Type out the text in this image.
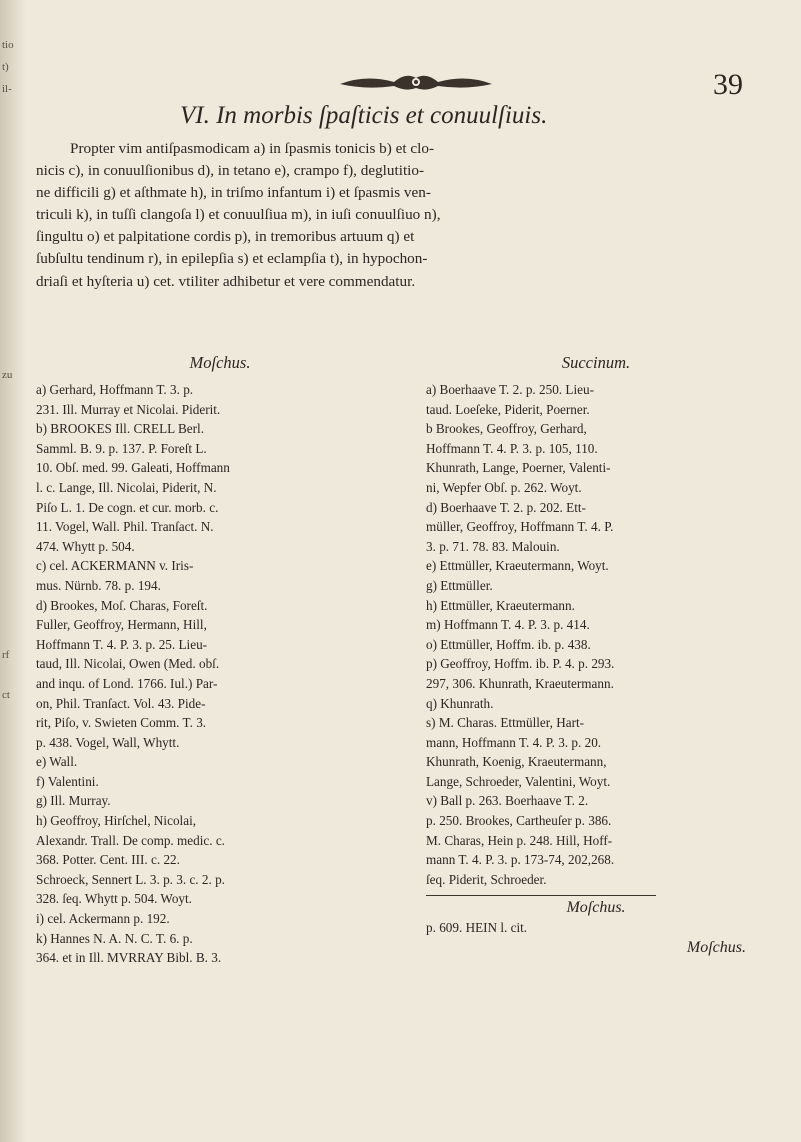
tio
t)
il-
zu
rf
ct
39
VI. In morbis ſpaſticis et conuulſiuis.
Propter vim antiſpasmodicam a) in ſpasmis tonicis b) et clo-
nicis c), in conuulſionibus d), in tetano e), crampo f), deglutitio-
ne difficili g) et aſthmate h), in triſmo infantum i) et ſpasmis ven-
triculi k), in tuſſi clangoſa l) et conuulſiua m), in iuſi conuulſiuo n),
ſingultu o) et palpitatione cordis p), in tremoribus artuum q) et
ſubſultu tendinum r), in epilepſia s) et eclampſia t), in hypochon-
driaſi et hyſteria u) cet. vtiliter adhibetur et vere commendatur.
Moſchus.
a) Gerhard, Hoffmann T. 3. p.
231. Ill. Murray et Nicolai. Piderit.
b) BROOKES Ill. CRELL Berl.
Samml. B. 9. p. 137. P. Foreſt L.
10. Obſ. med. 99. Galeati, Hoffmann
l. c. Lange, Ill. Nicolai, Piderit, N.
Piſo L. 1. De cogn. et cur. morb. c.
11. Vogel, Wall. Phil. Tranſact. N.
474. Whytt p. 504.
c) cel. ACKERMANN v. Iris-
mus. Nürnb. 78. p. 194.
d) Brookes, Moſ. Charas, Foreſt.
Fuller, Geoffroy, Hermann, Hill,
Hoffmann T. 4. P. 3. p. 25. Lieu-
taud, Ill. Nicolai, Owen (Med. obſ.
and inqu. of Lond. 1766. Iul.) Par-
on, Phil. Tranſact. Vol. 43. Pide-
rit, Piſo, v. Swieten Comm. T. 3.
p. 438. Vogel, Wall, Whytt.
e) Wall.
f) Valentini.
g) Ill. Murray.
h) Geoffroy, Hirſchel, Nicolai,
Alexandr. Trall. De comp. medic. c.
368. Potter. Cent. III. c. 22.
Schroeck, Sennert L. 3. p. 3. c. 2. p.
328. ſeq. Whytt p. 504. Woyt.
i) cel. Ackermann p. 192.
k) Hannes N. A. N. C. T. 6. p.
364. et in Ill. MVRRAY Bibl. B. 3.
Succinum.
a) Boerhaave T. 2. p. 250. Lieu-
taud. Loeſeke, Piderit, Poerner.
b Brookes, Geoffroy, Gerhard,
Hoffmann T. 4. P. 3. p. 105, 110.
Khunrath, Lange, Poerner, Valenti-
ni, Wepfer Obſ. p. 262. Woyt.
d) Boerhaave T. 2. p. 202. Ett-
müller, Geoffroy, Hoffmann T. 4. P.
3. p. 71. 78. 83. Malouin.
e) Ettmüller, Kraeutermann, Woyt.
g) Ettmüller.
h) Ettmüller, Kraeutermann.
m) Hoffmann T. 4. P. 3. p. 414.
o) Ettmüller, Hoffm. ib. p. 438.
p) Geoffroy, Hoffm. ib. P. 4. p. 293.
297, 306. Khunrath, Kraeutermann.
q) Khunrath.
s) M. Charas. Ettmüller, Hart-
mann, Hoffmann T. 4. P. 3. p. 20.
Khunrath, Koenig, Kraeutermann,
Lange, Schroeder, Valentini, Woyt.
v) Ball p. 263. Boerhaave T. 2.
p. 250. Brookes, Cartheuſer p. 386.
M. Charas, Hein p. 248. Hill, Hoff-
mann T. 4. P. 3. p. 173-74, 202,268.
ſeq. Piderit, Schroeder.
Moſchus.
p. 609. HEIN l. cit.
Moſchus.
